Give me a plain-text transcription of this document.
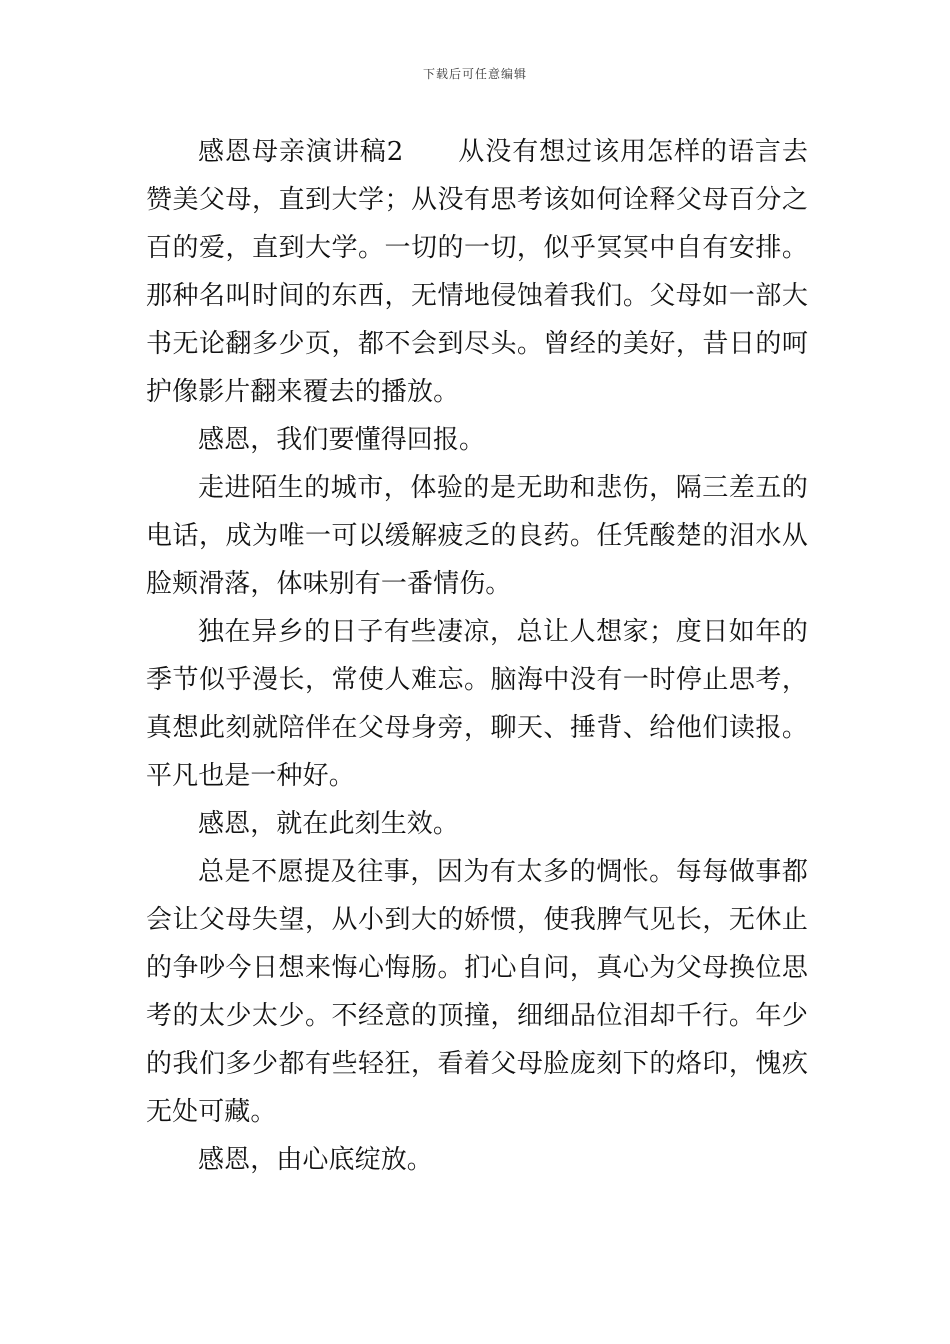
下载后可任意编辑

感恩母亲演讲稿2　　从没有想过该用怎样的语言去赞美父母，直到大学；从没有思考该如何诠释父母百分之百的爱，直到大学。一切的一切，似乎冥冥中自有安排。那种名叫时间的东西，无情地侵蚀着我们。父母如一部大书无论翻多少页，都不会到尽头。曾经的美好，昔日的呵护像影片翻来覆去的播放。

感恩，我们要懂得回报。

走进陌生的城市，体验的是无助和悲伤，隔三差五的电话，成为唯一可以缓解疲乏的良药。任凭酸楚的泪水从脸颊滑落，体味别有一番情伤。

独在异乡的日子有些凄凉，总让人想家；度日如年的季节似乎漫长，常使人难忘。脑海中没有一时停止思考，真想此刻就陪伴在父母身旁，聊天、捶背、给他们读报。平凡也是一种好。

感恩，就在此刻生效。

总是不愿提及往事，因为有太多的惆怅。每每做事都会让父母失望，从小到大的娇惯，使我脾气见长，无休止的争吵今日想来悔心悔肠。扪心自问，真心为父母换位思考的太少太少。不经意的顶撞，细细品位泪却千行。年少的我们多少都有些轻狂，看着父母脸庞刻下的烙印，愧疚无处可藏。

感恩，由心底绽放。
